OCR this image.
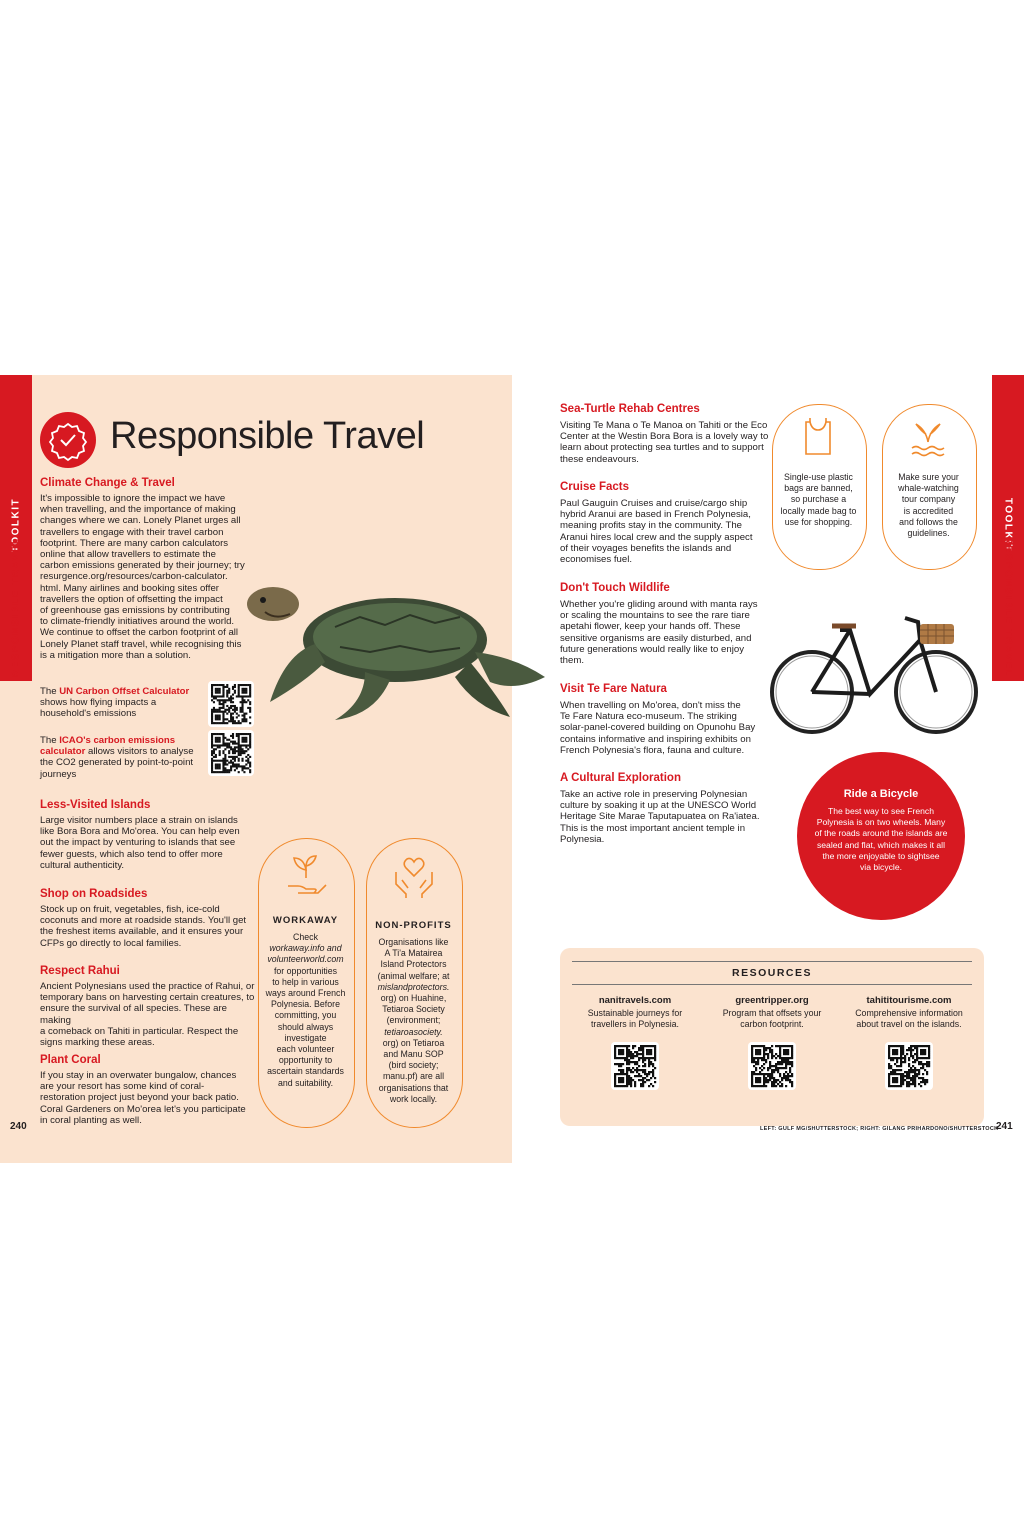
TOOLKIT
RESPONSIBLE TRAVEL
TOOLKIT
RESPONSIBLE TRAVEL
Responsible Travel
Climate Change & Travel
It's impossible to ignore the impact we have
when travelling, and the importance of making
changes where we can. Lonely Planet urges all
travellers to engage with their travel carbon
footprint. There are many carbon calculators
online that allow travellers to estimate the
carbon emissions generated by their journey; try
resurgence.org/resources/carbon-calculator.
html. Many airlines and booking sites offer
travellers the option of offsetting the impact
of greenhouse gas emissions by contributing
to climate-friendly initiatives around the world.
We continue to offset the carbon footprint of all
Lonely Planet staff travel, while recognising this
is a mitigation more than a solution.
The UN Carbon Offset Calculator
shows how flying impacts a
household's emissions
The ICAO's carbon emissions
calculator allows visitors to analyse
the CO2 generated by point-to-point
journeys
Less-Visited Islands
Large visitor numbers place a strain on islands
like Bora Bora and Mo'orea. You can help even
out the impact by venturing to islands that see
fewer guests, which also tend to offer more
cultural authenticity.
Shop on Roadsides
Stock up on fruit, vegetables, fish, ice-cold
coconuts and more at roadside stands. You'll get
the freshest items available, and it ensures your
CFPs go directly to local families.
Respect Rahui
Ancient Polynesians used the practice of Rahui, or
temporary bans on harvesting certain creatures, to
ensure the survival of all species. These are making
a comeback on Tahiti in particular. Respect the
signs marking these areas.
Plant Coral
If you stay in an overwater bungalow, chances
are your resort has some kind of coral-
restoration project just beyond your back patio.
Coral Gardeners on Mo'orea let's you participate
in coral planting as well.
240
WORKAWAY
Check
workaway.info and
volunteerworld.com
for opportunities
to help in various
ways around French
Polynesia. Before
committing, you
should always
investigate
each volunteer
opportunity to
ascertain standards
and suitability.
NON-PROFITS
Organisations like
A Ti'a Matairea
Island Protectors
(animal welfare; at
mislandprotectors.
org) on Huahine,
Tetiaroa Society
(environment;
tetiaroasociety.
org) on Tetiaroa
and Manu SOP
(bird society;
manu.pf) are all
organisations that
work locally.
Sea-Turtle Rehab Centres
Visiting Te Mana o Te Manoa on Tahiti or the Eco
Center at the Westin Bora Bora is a lovely way to
learn about protecting sea turtles and to support
these endeavours.
Cruise Facts
Paul Gauguin Cruises and cruise/cargo ship
hybrid Aranui are based in French Polynesia,
meaning profits stay in the community. The
Aranui hires local crew and the supply aspect
of their voyages benefits the islands and
economises fuel.
Don't Touch Wildlife
Whether you're gliding around with manta rays
or scaling the mountains to see the rare tiare
apetahi flower, keep your hands off. These
sensitive organisms are easily disturbed, and
future generations would really like to enjoy
them.
Visit Te Fare Natura
When travelling on Mo'orea, don't miss the
Te Fare Natura eco-museum. The striking
solar-panel-covered building on Opunohu Bay
contains informative and inspiring exhibits on
French Polynesia's flora, fauna and culture.
A Cultural Exploration
Take an active role in preserving Polynesian
culture by soaking it up at the UNESCO World
Heritage Site Marae Taputapuatea on Ra'iatea.
This is the most important ancient temple in
Polynesia.
Single-use plastic
bags are banned,
so purchase a
locally made bag to
use for shopping.
Make sure your
whale-watching
tour company
is accredited
and follows the
guidelines.
Ride a Bicycle
The best way to see French
Polynesia is on two wheels. Many
of the roads around the islands are
sealed and flat, which makes it all
the more enjoyable to sightsee
via bicycle.
RESOURCES
nanitravels.com
Sustainable journeys for
travellers in Polynesia.
greentripper.org
Program that offsets your
carbon footprint.
tahititourisme.com
Comprehensive information
about travel on the islands.
LEFT: GULF MG/SHUTTERSTOCK; RIGHT: GILANG PRIHARDONO/SHUTTERSTOCK
241
